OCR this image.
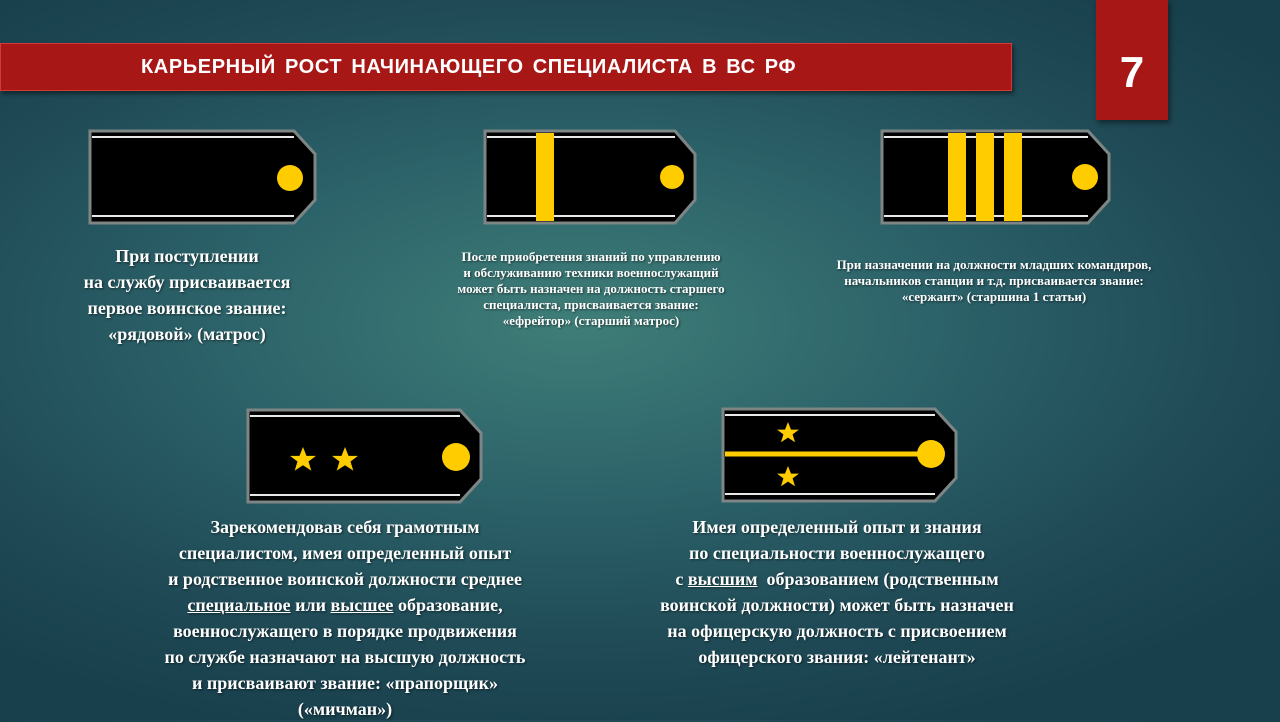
КАРЬЕРНЫЙ РОСТ НАЧИНАЮЩЕГО СПЕЦИАЛИСТА В ВС РФ	7
При поступлении
на службу присваивается
первое воинское звание:
«рядовой» (матрос)
После приобретения знаний по управлению
и обслуживанию техники военнослужащий
может быть назначен на должность старшего
специалиста, присваивается звание:
«ефрейтор» (старший матрос)
При назначении на должности младших командиров,
начальников станции и т.д. присваивается звание:
«сержант» (старшина 1 статьи)
Зарекомендовав себя грамотным
специалистом, имея определенный опыт
и родственное воинской должности среднее
специальное или высшее образование,
военнослужащего в порядке продвижения
по службе назначают на высшую должность
и присваивают звание: «прапорщик»
(«мичман»)
Имея определенный опыт и знания
по специальности военнослужащего
с высшим  образованием (родственным
воинской должности) может быть назначен
на офицерскую должность с присвоением
офицерского звания: «лейтенант»
